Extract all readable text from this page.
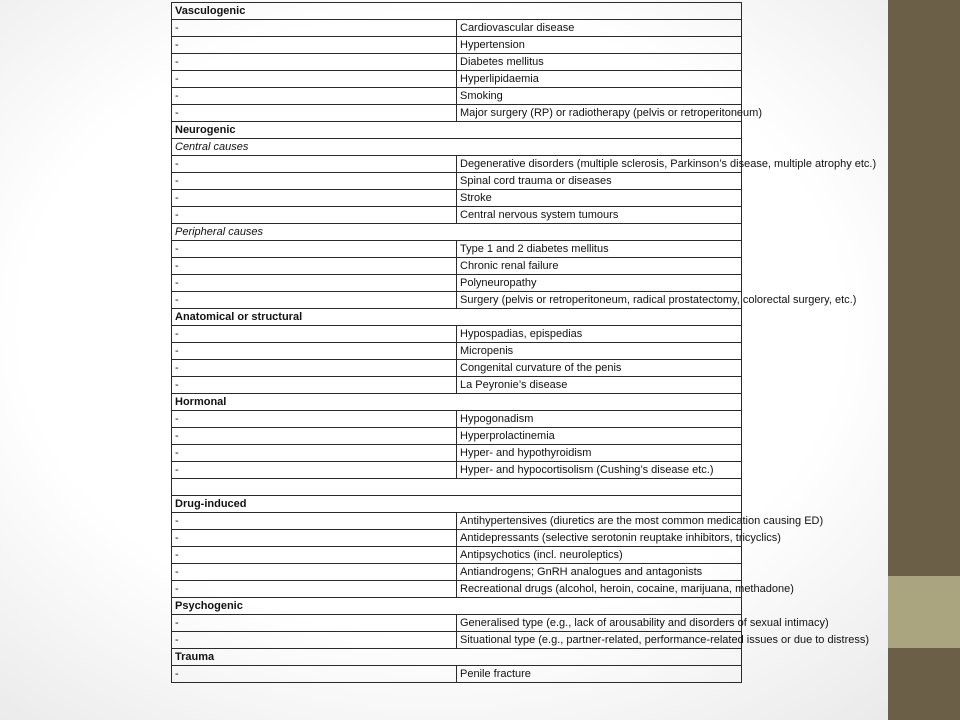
Vasculogenic	
-	Cardiovascular disease
-	Hypertension
-	Diabetes mellitus
-	Hyperlipidaemia
-	Smoking
-	Major surgery (RP) or radiotherapy (pelvis or retroperitoneum)
Neurogenic	
Central causes	
-	Degenerative disorders (multiple sclerosis, Parkinson’s disease, multiple atrophy etc.)
-	Spinal cord trauma or diseases
-	Stroke
-	Central nervous system tumours
Peripheral causes	
-	Type 1 and 2 diabetes mellitus
-	Chronic renal failure
-	Polyneuropathy
-	Surgery (pelvis or retroperitoneum, radical prostatectomy, colorectal surgery, etc.)
Anatomical or structural	
-	Hypospadias, epispedias
-	Micropenis
-	Congenital curvature of the penis
-	La Peyronie’s disease
Hormonal	
-	Hypogonadism
-	Hyperprolactinemia
-	Hyper- and hypothyroidism
-	Hyper- and hypocortisolism (Cushing’s disease etc.)

Drug-induced	
-	Antihypertensives (diuretics are the most common medication causing ED)
-	Antidepressants (selective serotonin reuptake inhibitors, tricyclics)
-	Antipsychotics (incl. neuroleptics)
-	Antiandrogens; GnRH analogues and antagonists
-	Recreational drugs (alcohol, heroin, cocaine, marijuana, methadone)
Psychogenic	
-	Generalised type (e.g., lack of arousability and disorders of sexual intimacy)
-	Situational type (e.g., partner-related, performance-related issues or due to distress)
Trauma	
-	Penile fracture
